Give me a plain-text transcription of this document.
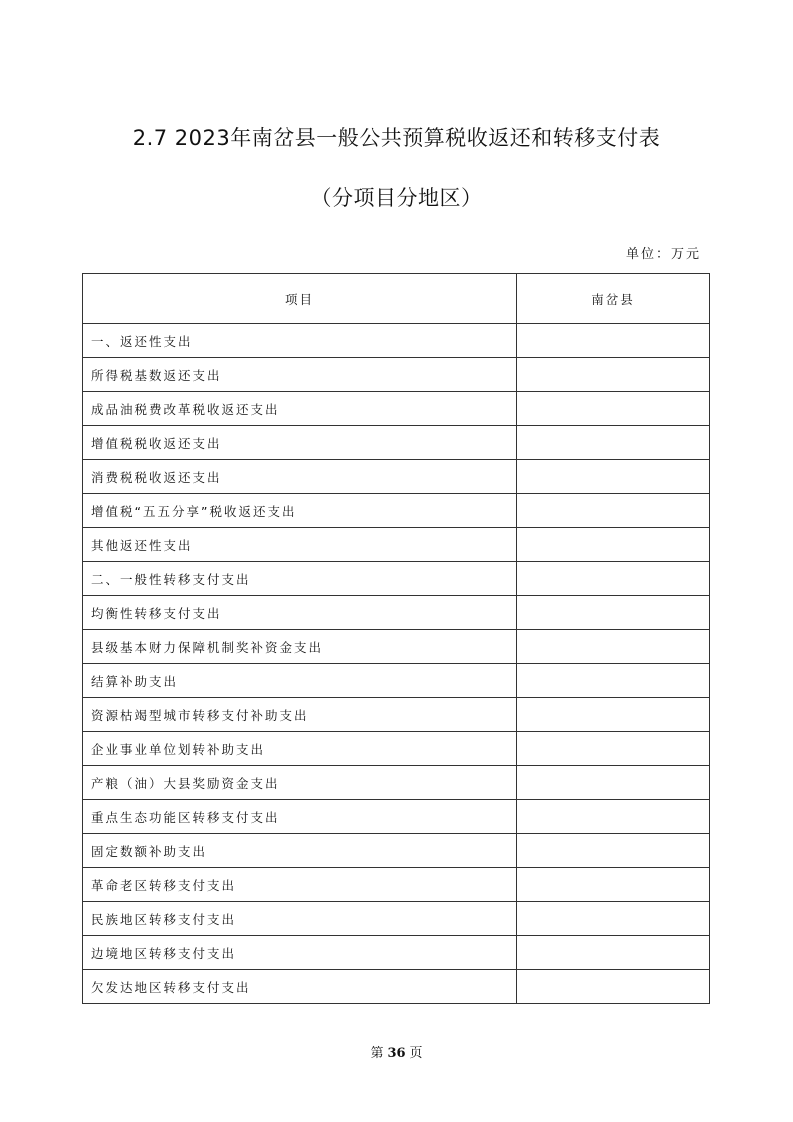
2.7 2023年南岔县一般公共预算税收返还和转移支付表
（分项目分地区）
单位：万元
项目	南岔县
一、返还性支出	
所得税基数返还支出	
成品油税费改革税收返还支出	
增值税税收返还支出	
消费税税收返还支出	
增值税“五五分享”税收返还支出	
其他返还性支出	
二、一般性转移支付支出	
均衡性转移支付支出	
县级基本财力保障机制奖补资金支出	
结算补助支出	
资源枯竭型城市转移支付补助支出	
企业事业单位划转补助支出	
产粮（油）大县奖励资金支出	
重点生态功能区转移支付支出	
固定数额补助支出	
革命老区转移支付支出	
民族地区转移支付支出	
边境地区转移支付支出	
欠发达地区转移支付支出	
第 36 页
